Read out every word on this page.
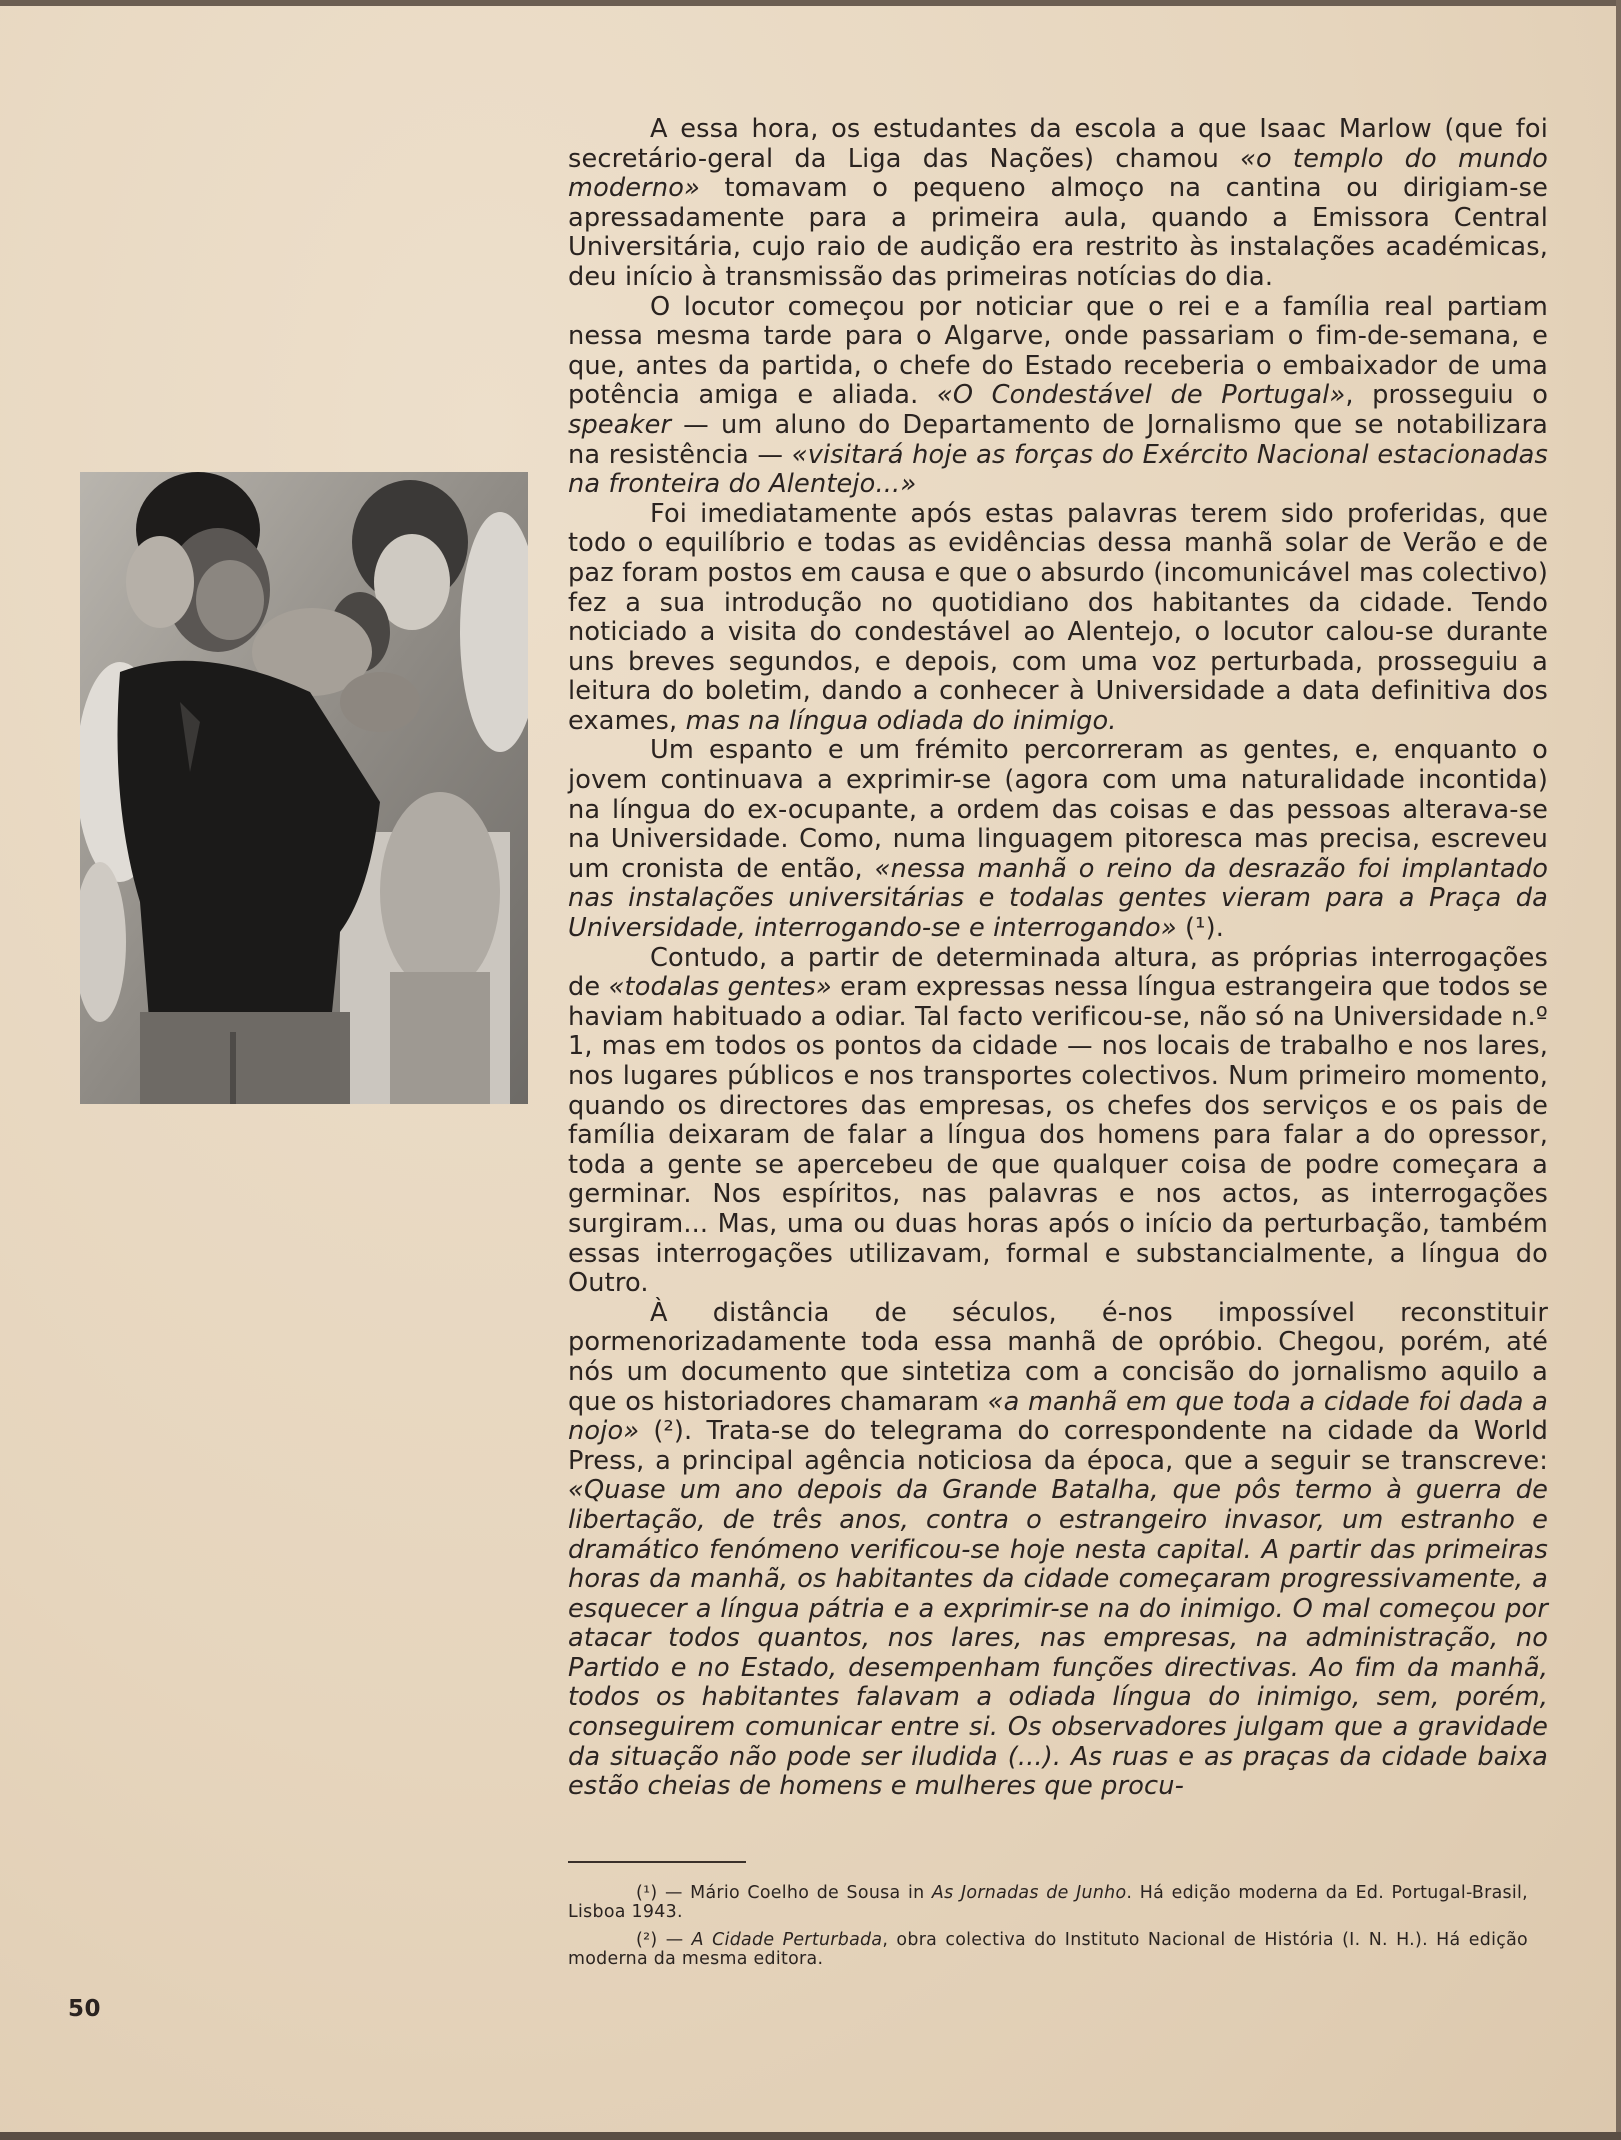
A essa hora, os estudantes da escola a que Isaac Marlow (que foi secretário-geral da Liga das Nações) chamou «o templo do mundo moderno» tomavam o pequeno almoço na cantina ou dirigiam-se apressadamente para a primeira aula, quando a Emissora Central Universitária, cujo raio de audição era restrito às instalações académicas, deu início à transmissão das primeiras notícias do dia.

O locutor começou por noticiar que o rei e a família real partiam nessa mesma tarde para o Algarve, onde passariam o fim-de-semana, e que, antes da partida, o chefe do Estado receberia o embaixador de uma potência amiga e aliada. «O Condestável de Portugal», prosseguiu o speaker — um aluno do Departamento de Jornalismo que se notabilizara na resistência — «visitará hoje as forças do Exército Nacional estacionadas na fronteira do Alentejo...»

Foi imediatamente após estas palavras terem sido proferidas, que todo o equilíbrio e todas as evidências dessa manhã solar de Verão e de paz foram postos em causa e que o absurdo (incomunicável mas colectivo) fez a sua introdução no quotidiano dos habitantes da cidade. Tendo noticiado a visita do condestável ao Alentejo, o locutor calou-se durante uns breves segundos, e depois, com uma voz perturbada, prosseguiu a leitura do boletim, dando a conhecer à Universidade a data definitiva dos exames, mas na língua odiada do inimigo.

Um espanto e um frémito percorreram as gentes, e, enquanto o jovem continuava a exprimir-se (agora com uma naturalidade incontida) na língua do ex-ocupante, a ordem das coisas e das pessoas alterava-se na Universidade. Como, numa linguagem pitoresca mas precisa, escreveu um cronista de então, «nessa manhã o reino da desrazão foi implantado nas instalações universitárias e todalas gentes vieram para a Praça da Universidade, interrogando-se e interrogando» (¹).

Contudo, a partir de determinada altura, as próprias interrogações de «todalas gentes» eram expressas nessa língua estrangeira que todos se haviam habituado a odiar. Tal facto verificou-se, não só na Universidade n.º 1, mas em todos os pontos da cidade — nos locais de trabalho e nos lares, nos lugares públicos e nos transportes colectivos. Num primeiro momento, quando os directores das empresas, os chefes dos serviços e os pais de família deixaram de falar a língua dos homens para falar a do opressor, toda a gente se apercebeu de que qualquer coisa de podre começara a germinar. Nos espíritos, nas palavras e nos actos, as interrogações surgiram... Mas, uma ou duas horas após o início da perturbação, também essas interrogações utilizavam, formal e substancialmente, a língua do Outro.

À distância de séculos, é-nos impossível reconstituir pormenorizadamente toda essa manhã de opróbio. Chegou, porém, até nós um documento que sintetiza com a concisão do jornalismo aquilo a que os historiadores chamaram «a manhã em que toda a cidade foi dada a nojo» (²). Trata-se do telegrama do correspondente na cidade da World Press, a principal agência noticiosa da época, que a seguir se transcreve: «Quase um ano depois da Grande Batalha, que pôs termo à guerra de libertação, de três anos, contra o estrangeiro invasor, um estranho e dramático fenómeno verificou-se hoje nesta capital. A partir das primeiras horas da manhã, os habitantes da cidade começaram progressivamente, a esquecer a língua pátria e a exprimir-se na do inimigo. O mal começou por atacar todos quantos, nos lares, nas empresas, na administração, no Partido e no Estado, desempenham funções directivas. Ao fim da manhã, todos os habitantes falavam a odiada língua do inimigo, sem, porém, conseguirem comunicar entre si. Os observadores julgam que a gravidade da situação não pode ser iludida (...). As ruas e as praças da cidade baixa estão cheias de homens e mulheres que procu-

(¹) — Mário Coelho de Sousa in As Jornadas de Junho. Há edição moderna da Ed. Portugal-Brasil, Lisboa 1943.

(²) — A Cidade Perturbada, obra colectiva do Instituto Nacional de História (I. N. H.). Há edição moderna da mesma editora.

50
